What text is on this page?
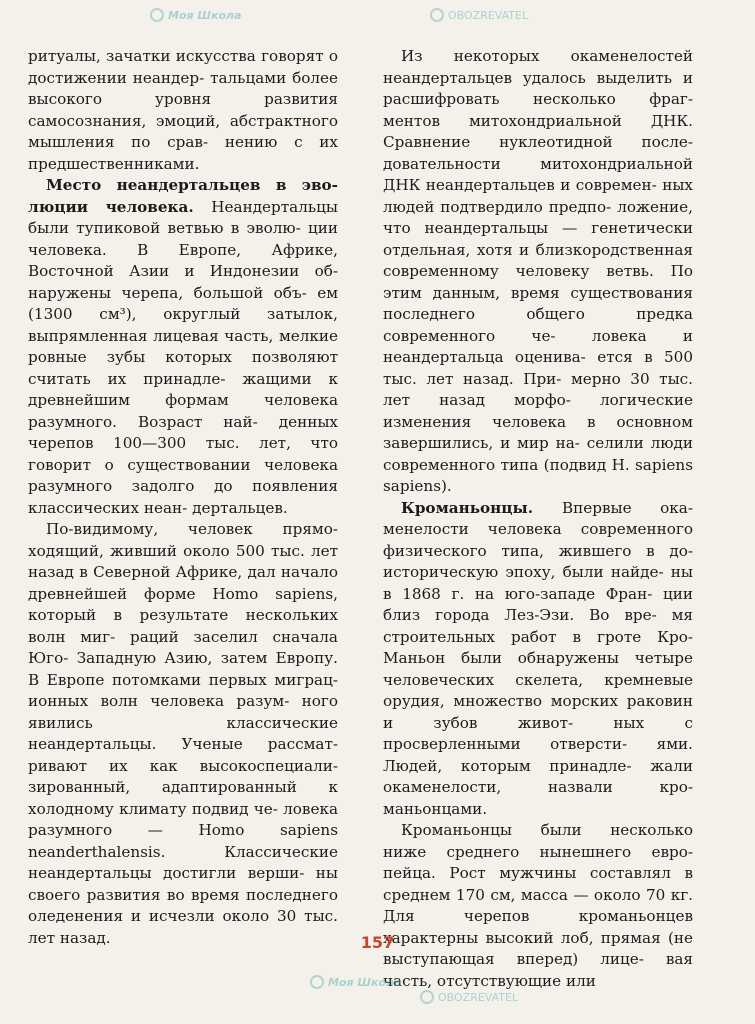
ритуалы, зачатки искусства говорят о достижении неандер- тальцами более высокого уровня развития самосознания, эмоций, абстрактного мышления по срав- нению с их предшественниками.

Место неандертальцев в эво- люции человека. Неандертальцы были тупиковой ветвью в эволю- ции человека. В Европе, Африке, Восточной Азии и Индонезии об- наружены черепа, большой объ- ем (1300 см³), округлый затылок, выпрямленная лицевая часть, мелкие ровные зубы которых позволяют считать их принадле- жащими к древнейшим формам человека разумного. Возраст най- денных черепов 100—300 тыс. лет, что говорит о существовании человека разумного задолго до появления классических неан- дертальцев.

По-видимому, человек прямо- ходящий, живший около 500 тыс. лет назад в Северной Африке, дал начало древнейшей форме Homo sapiens, который в результате нескольких волн миг- раций заселил сначала Юго- Западную Азию, затем Европу. В Европе потомками первых миграц- ионных волн человека разум- ного явились классические неандертальцы. Ученые рассмат- ривают их как высокоспециали- зированный, адаптированный к холодному климату подвид че- ловека разумного — Homo sapiens neanderthalensis. Классические неандертальцы достигли верши- ны своего развития во время последнего оледенения и исчезли около 30 тыс. лет назад.

Из некоторых окаменелостей неандертальцев удалось выделить и расшифровать несколько фраг- ментов митохондриальной ДНК. Сравнение нуклеотидной после- довательности митохондриальной ДНК неандертальцев и современ- ных людей подтвердило предпо- ложение, что неандертальцы — генетически отдельная, хотя и близкородственная современному человеку ветвь. По этим данным, время существования последнего общего предка современного че- ловека и неандертальца оценива- ется в 500 тыс. лет назад. При- мерно 30 тыс. лет назад морфо- логические изменения человека в основном завершились, и мир на- селили люди современного типа (подвид Н. sapiens sapiens).

Кроманьонцы. Впервые ока- менелости человека современного физического типа, жившего в до- историческую эпоху, были найде- ны в 1868 г. на юго-западе Фран- ции близ города Лез-Эзи. Во вре- мя строительных работ в гроте Кро-Маньон были обнаружены четыре человеческих скелета, кремневые орудия, множество морских раковин и зубов живот-	ных с просверленными отверсти- ями. Людей, которым принадле- жали окаменелости, назвали кро- маньонцами.

Кроманьонцы были несколько ниже среднего нынешнего евро- пейца. Рост мужчины составлял в среднем 170 см, масса — около 70 кг. Для черепов кроманьонцев характерны высокий лоб, прямая (не выступающая вперед) лице- вая часть, отсутствующие или

157
Моя Школа	OBOZREVATEL
Моя Школа
OBOZREVATEL
